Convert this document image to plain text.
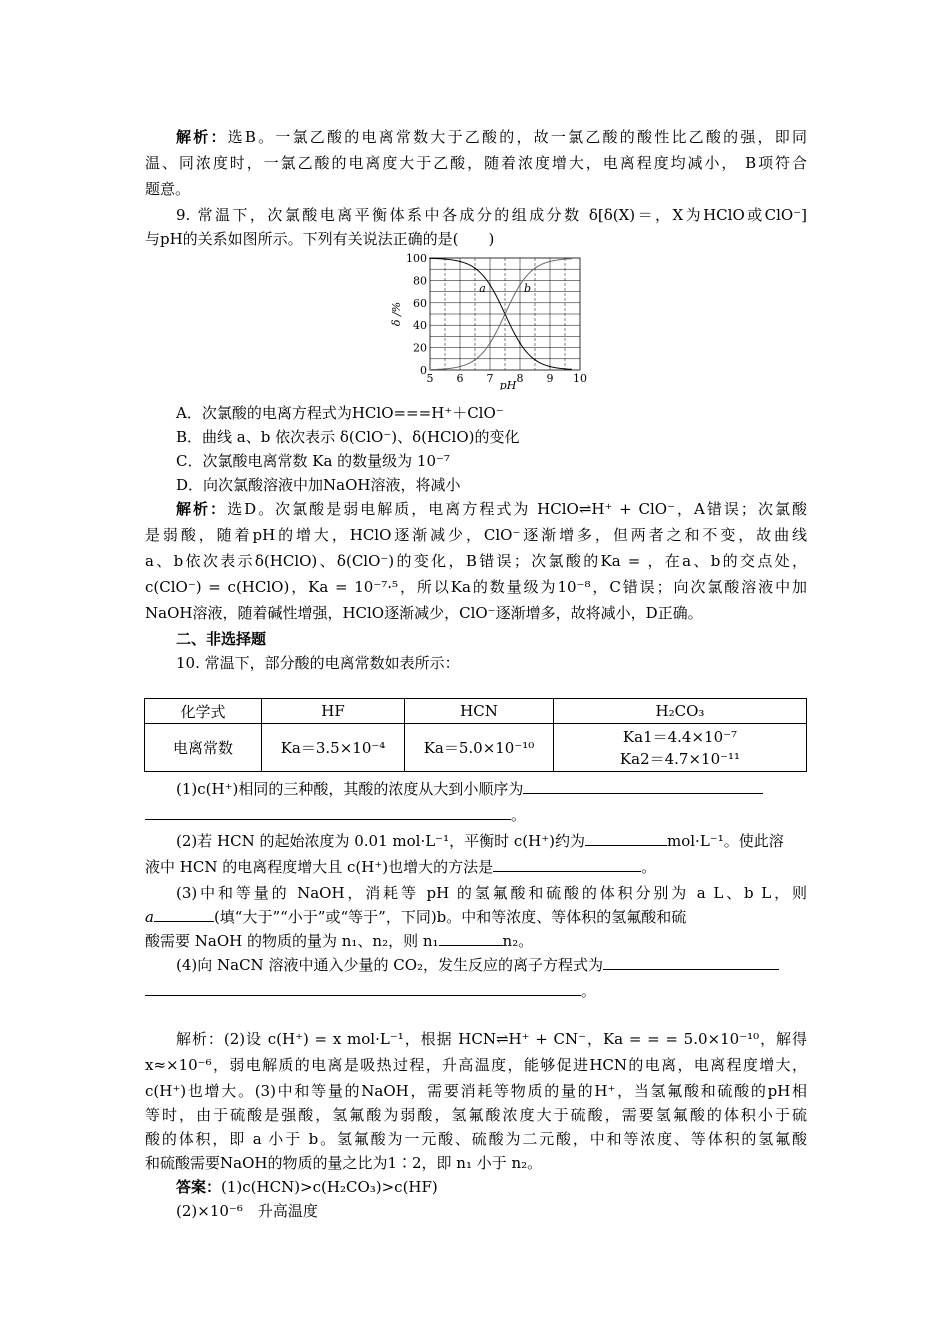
解析：选B。一氯乙酸的电离常数大于乙酸的，故一氯乙酸的酸性比乙酸的强，即同
温、同浓度时，一氯乙酸的电离度大于乙酸，随着浓度增大，电离程度均减小， B项符合
题意。
9. 常温下，次氯酸电离平衡体系中各成分的组成分数 δ[δ(X)＝，X为HClO或ClO⁻]
与pH的关系如图所示。下列有关说法正确的是(　　)
5 6 7 8 9 10
0
20
40
60
80
100
pH
δ /%
a	b
A．次氯酸的电离方程式为HClO===H⁺＋ClO⁻
B．曲线 a、b 依次表示 δ(ClO⁻)、δ(HClO)的变化
C．次氯酸电离常数 Ka 的数量级为 10⁻⁷
D．向次氯酸溶液中加NaOH溶液，将减小
解析：选D。次氯酸是弱电解质，电离方程式为 HClO⇌H⁺ + ClO⁻，A错误；次氯酸
是弱酸，随着pH的增大，HClO逐渐减少，ClO⁻逐渐增多，但两者之和不变，故曲线
a、b依次表示δ(HClO)、δ(ClO⁻)的变化，B错误；次氯酸的Ka = ，在a、b的交点处，
c(ClO⁻) = c(HClO)，Ka = 10⁻⁷·⁵，所以Ka的数量级为10⁻⁸，C错误；向次氯酸溶液中加
NaOH溶液，随着碱性增强，HClO逐渐减少，ClO⁻逐渐增多，故将减小，D正确。
二、非选择题
10. 常温下，部分酸的电离常数如表所示：
化学式	HF	HCN	H₂CO₃
电离常数	Ka＝3.5×10⁻⁴	Ka＝5.0×10⁻¹⁰	Ka1＝4.4×10⁻⁷
Ka2＝4.7×10⁻¹¹
(1)c(H⁺)相同的三种酸，其酸的浓度从大到小顺序为
。
(2)若 HCN 的起始浓度为 0.01 mol·L⁻¹，平衡时 c(H⁺)约为	mol·L⁻¹。使此溶
液中 HCN 的电离程度增大且 c(H⁺)也增大的方法是	。
(3)中和等量的 NaOH，消耗等 pH 的氢氟酸和硫酸的体积分别为 a L、b L，则
a	(填“大于”“小于”或“等于”，下同)b。中和等浓度、等体积的氢氟酸和硫
酸需要 NaOH 的物质的量为 n₁、n₂，则 n₁	n₂。
(4)向 NaCN 溶液中通入少量的 CO₂，发生反应的离子方程式为
。
解析：(2)设 c(H⁺) = x mol·L⁻¹，根据 HCN⇌H⁺ + CN⁻，Ka = = = 5.0×10⁻¹⁰，解得
x≈×10⁻⁶，弱电解质的电离是吸热过程，升高温度，能够促进HCN的电离，电离程度增大，
c(H⁺)也增大。(3)中和等量的NaOH，需要消耗等物质的量的H⁺，当氢氟酸和硫酸的pH相
等时，由于硫酸是强酸，氢氟酸为弱酸，氢氟酸浓度大于硫酸，需要氢氟酸的体积小于硫
酸的体积，即 a 小于 b。氢氟酸为一元酸、硫酸为二元酸，中和等浓度、等体积的氢氟酸
和硫酸需要NaOH的物质的量之比为1∶2，即 n₁ 小于 n₂。
答案：(1)c(HCN)>c(H₂CO₃)>c(HF)
(2)×10⁻⁶　升高温度
